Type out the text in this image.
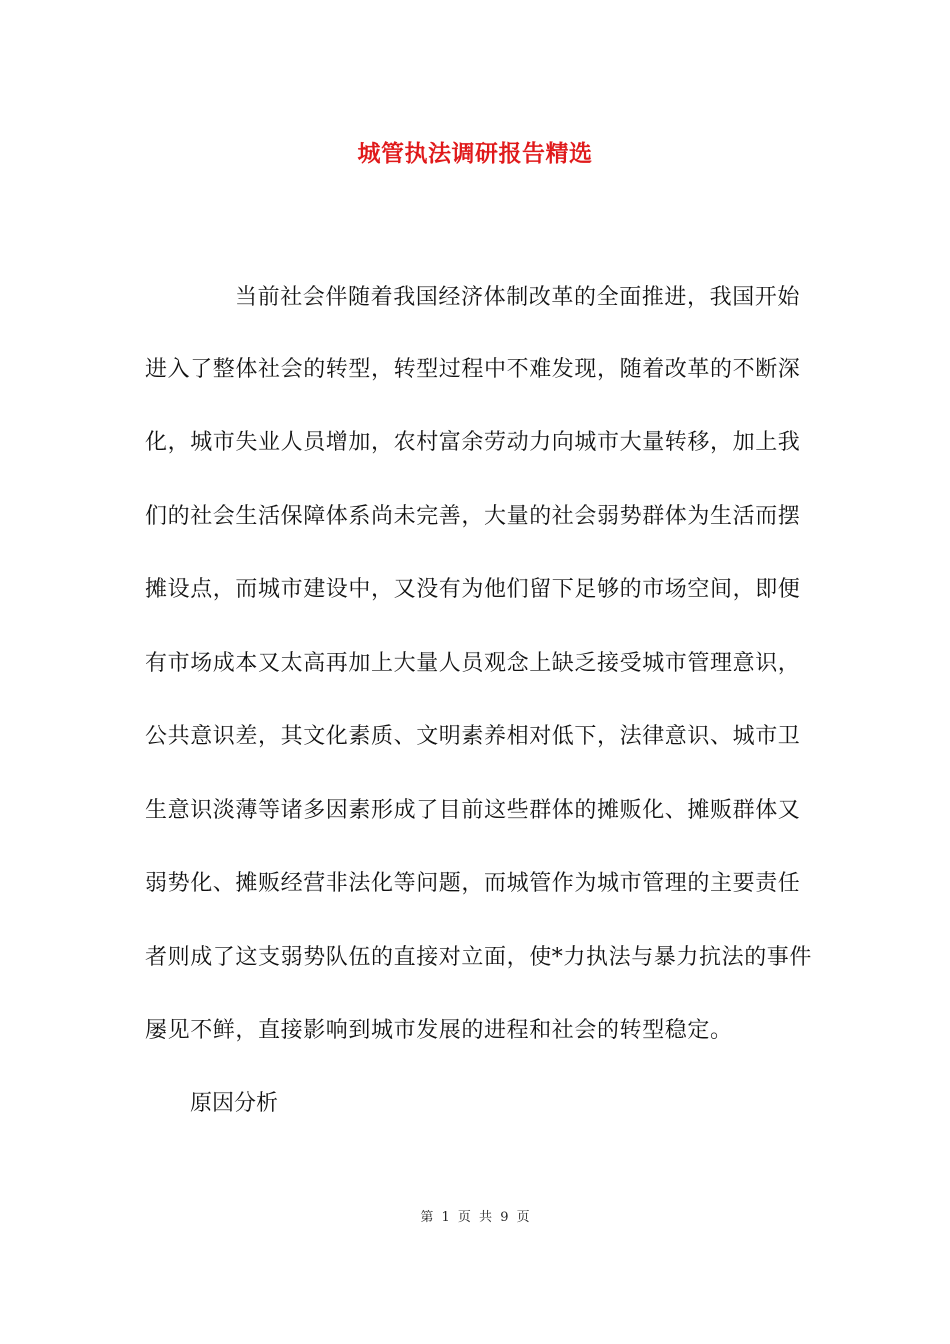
城管执法调研报告精选
当前社会伴随着我国经济体制改革的全面推进，我国开始
进入了整体社会的转型，转型过程中不难发现，随着改革的不断深
化，城市失业人员增加，农村富余劳动力向城市大量转移，加上我
们的社会生活保障体系尚未完善，大量的社会弱势群体为生活而摆
摊设点，而城市建设中，又没有为他们留下足够的市场空间，即便
有市场成本又太高再加上大量人员观念上缺乏接受城市管理意识，
公共意识差，其文化素质、文明素养相对低下，法律意识、城市卫
生意识淡薄等诸多因素形成了目前这些群体的摊贩化、摊贩群体又
弱势化、摊贩经营非法化等问题，而城管作为城市管理的主要责任
者则成了这支弱势队伍的直接对立面，使*力执法与暴力抗法的事件
屡见不鲜，直接影响到城市发展的进程和社会的转型稳定。
原因分析
第 1 页 共 9 页
